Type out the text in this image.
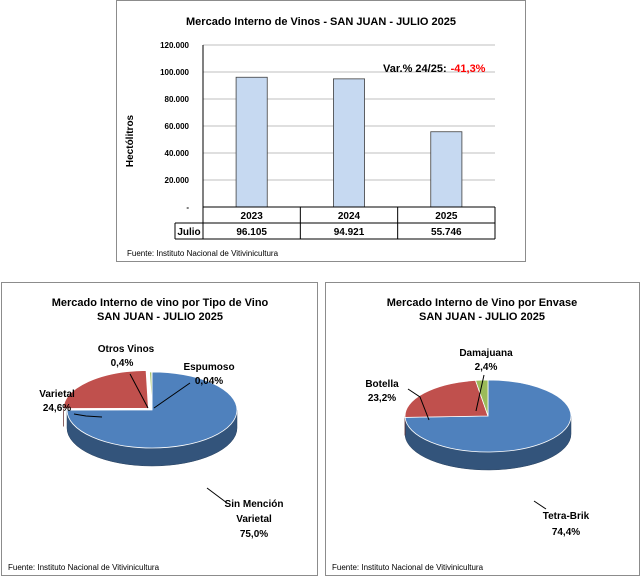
Mercado Interno de Vinos - SAN JUAN - JULIO 2025
Hectólitros
120.000
100.000
80.000
60.000
40.000
20.000
-
Julio
2023
96.105
2024
94.921
2025
55.746
Var.% 24/25: -41,3%
Fuente: Instituto Nacional de Vitivinicultura
Mercado Interno de vino por Tipo de Vino
SAN JUAN - JULIO 2025
Varietal
24,6%
Otros Vinos
0,4%	Espumoso
0,04%
Sin Mención
Varietal
75,0%
Fuente: Instituto Nacional de Vitivinicultura
Mercado Interno de Vino por Envase
SAN JUAN - JULIO 2025
Botella
23,2%
Damajuana
2,4%
Tetra-Brik
74,4%
Fuente: Instituto Nacional de Vitivinicultura
